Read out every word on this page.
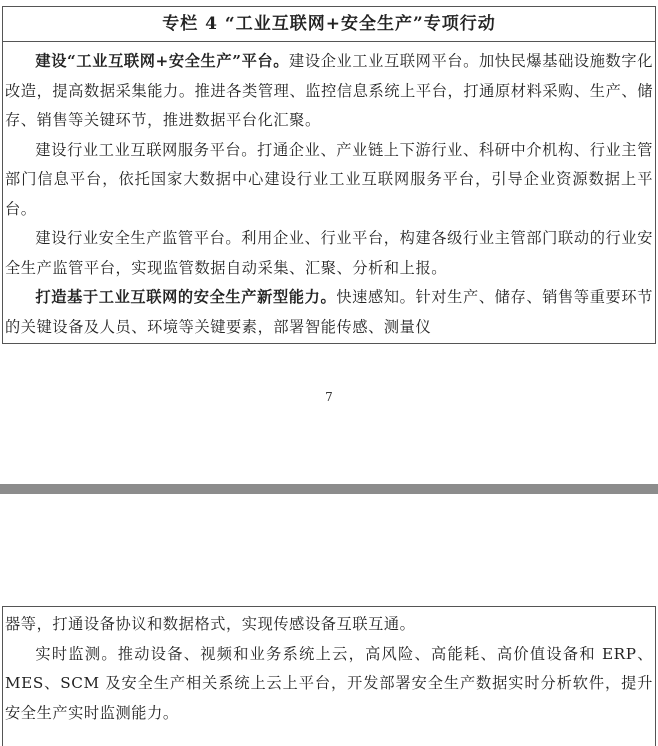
专栏 4 “工业互联网+安全生产”专项行动

建设“工业互联网+安全生产”平台。建设企业工业互联网平台。加快民爆基础设施数字化改造，提高数据采集能力。推进各类管理、监控信息系统上平台，打通原材料采购、生产、储存、销售等关键环节，推进数据平台化汇聚。

建设行业工业互联网服务平台。打通企业、产业链上下游行业、科研中介机构、行业主管部门信息平台，依托国家大数据中心建设行业工业互联网服务平台，引导企业资源数据上平台。

建设行业安全生产监管平台。利用企业、行业平台，构建各级行业主管部门联动的行业安全生产监管平台，实现监管数据自动采集、汇聚、分析和上报。

打造基于工业互联网的安全生产新型能力。快速感知。针对生产、储存、销售等重要环节的关键设备及人员、环境等关键要素，部署智能传感、测量仪

7

器等，打通设备协议和数据格式，实现传感设备互联互通。

实时监测。推动设备、视频和业务系统上云，高风险、高能耗、高价值设备和 ERP、MES、SCM 及安全生产相关系统上云上平台，开发部署安全生产数据实时分析软件，提升安全生产实时监测能力。
